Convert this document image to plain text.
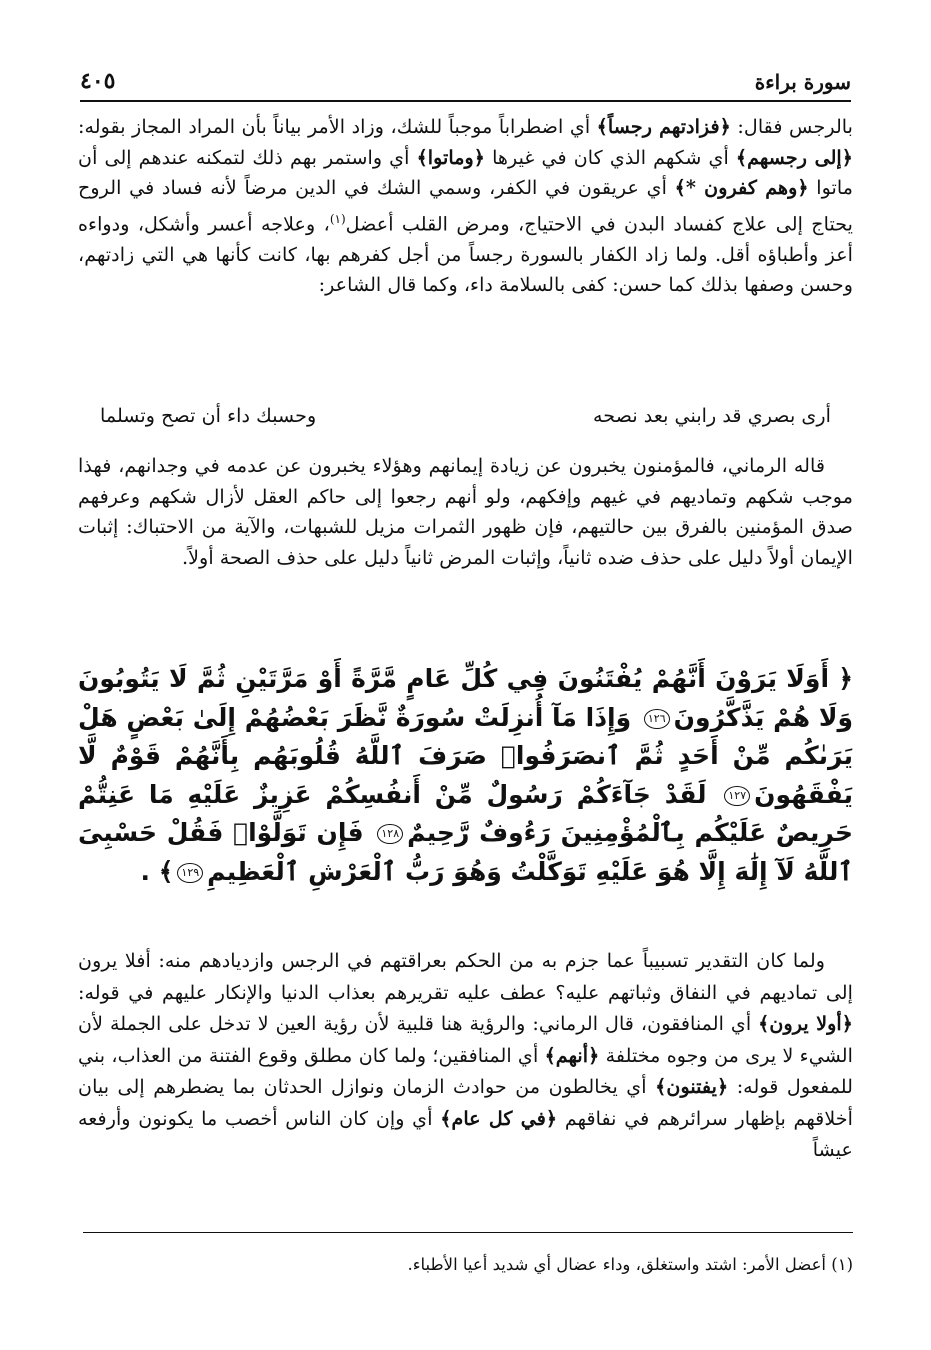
سورة براءة
٤٠٥

بالرجس فقال: ﴿فزادتهم رجساً﴾ أي اضطراباً موجباً للشك، وزاد الأمر بياناً بأن المراد المجاز بقوله: ﴿إلى رجسهم﴾ أي شكهم الذي كان في غيرها ﴿وماتوا﴾ أي واستمر بهم ذلك لتمكنه عندهم إلى أن ماتوا ﴿وهم كفرون *﴾ أي عريقون في الكفر، وسمي الشك في الدين مرضاً لأنه فساد في الروح يحتاج إلى علاج كفساد البدن في الاحتياج، ومرض القلب أعضل$^{(١)}$، وعلاجه أعسر وأشكل، ودواءه أعز وأطباؤه أقل. ولما زاد الكفار بالسورة رجساً من أجل كفرهم بها، كانت كأنها هي التي زادتهم، وحسن وصفها بذلك كما حسن: كفى بالسلامة داء، وكما قال الشاعر:

أرى بصري قد رابني بعد نصحه
وحسبك داء أن تصح وتسلما

قاله الرماني، فالمؤمنون يخبرون عن زيادة إيمانهم وهؤلاء يخبرون عن عدمه في وجدانهم، فهذا موجب شكهم وتماديهم في غيهم وإفكهم، ولو أنهم رجعوا إلى حاكم العقل لأزال شكهم وعرفهم صدق المؤمنين بالفرق بين حالتيهم، فإن ظهور الثمرات مزيل للشبهات، والآية من الاحتباك: إثبات الإيمان أولاً دليل على حذف ضده ثانياً، وإثبات المرض ثانياً دليل على حذف الصحة أولاً.

﴿ أَوَلَا يَرَوْنَ أَنَّهُمْ يُفْتَنُونَ فِي كُلِّ عَامٍ مَّرَّةً أَوْ مَرَّتَيْنِ ثُمَّ لَا يَتُوبُونَ وَلَا هُمْ يَذَّكَّرُونَ١٢٦ وَإِذَا مَآ أُنزِلَتْ سُورَةٌ نَّظَرَ بَعْضُهُمْ إِلَىٰ بَعْضٍ هَلْ يَرَىٰكُم مِّنْ أَحَدٍ ثُمَّ ٱنصَرَفُوا۟ صَرَفَ ٱللَّهُ قُلُوبَهُم بِأَنَّهُمْ قَوْمٌ لَّا يَفْقَهُونَ١٢٧ لَقَدْ جَآءَكُمْ رَسُولٌ مِّنْ أَنفُسِكُمْ عَزِيزٌ عَلَيْهِ مَا عَنِتُّمْ حَرِيصٌ عَلَيْكُم بِٱلْمُؤْمِنِينَ رَءُوفٌ رَّحِيمٌ١٢٨ فَإِن تَوَلَّوْا۟ فَقُلْ حَسْبِىَ ٱللَّهُ لَآ إِلَٰهَ إِلَّا هُوَ عَلَيْهِ تَوَكَّلْتُ وَهُوَ رَبُّ ٱلْعَرْشِ ٱلْعَظِيمِ١٢٩﴾ .

ولما كان التقدير تسبيباً عما جزم به من الحكم بعراقتهم في الرجس وازديادهم منه: أفلا يرون إلى تماديهم في النفاق وثباتهم عليه؟ عطف عليه تقريرهم بعذاب الدنيا والإنكار عليهم في قوله: ﴿أولا يرون﴾ أي المنافقون، قال الرماني: والرؤية هنا قلبية لأن رؤية العين لا تدخل على الجملة لأن الشيء لا يرى من وجوه مختلفة ﴿أنهم﴾ أي المنافقين؛ ولما كان مطلق وقوع الفتنة من العذاب، بني للمفعول قوله: ﴿يفتنون﴾ أي يخالطون من حوادث الزمان ونوازل الحدثان بما يضطرهم إلى بيان أخلاقهم بإظهار سرائرهم في نفاقهم ﴿في كل عام﴾ أي وإن كان الناس أخصب ما يكونون وأرفعه عيشاً

(١) أعضل الأمر: اشتد واستغلق، وداء عضال أي شديد أعيا الأطباء.
